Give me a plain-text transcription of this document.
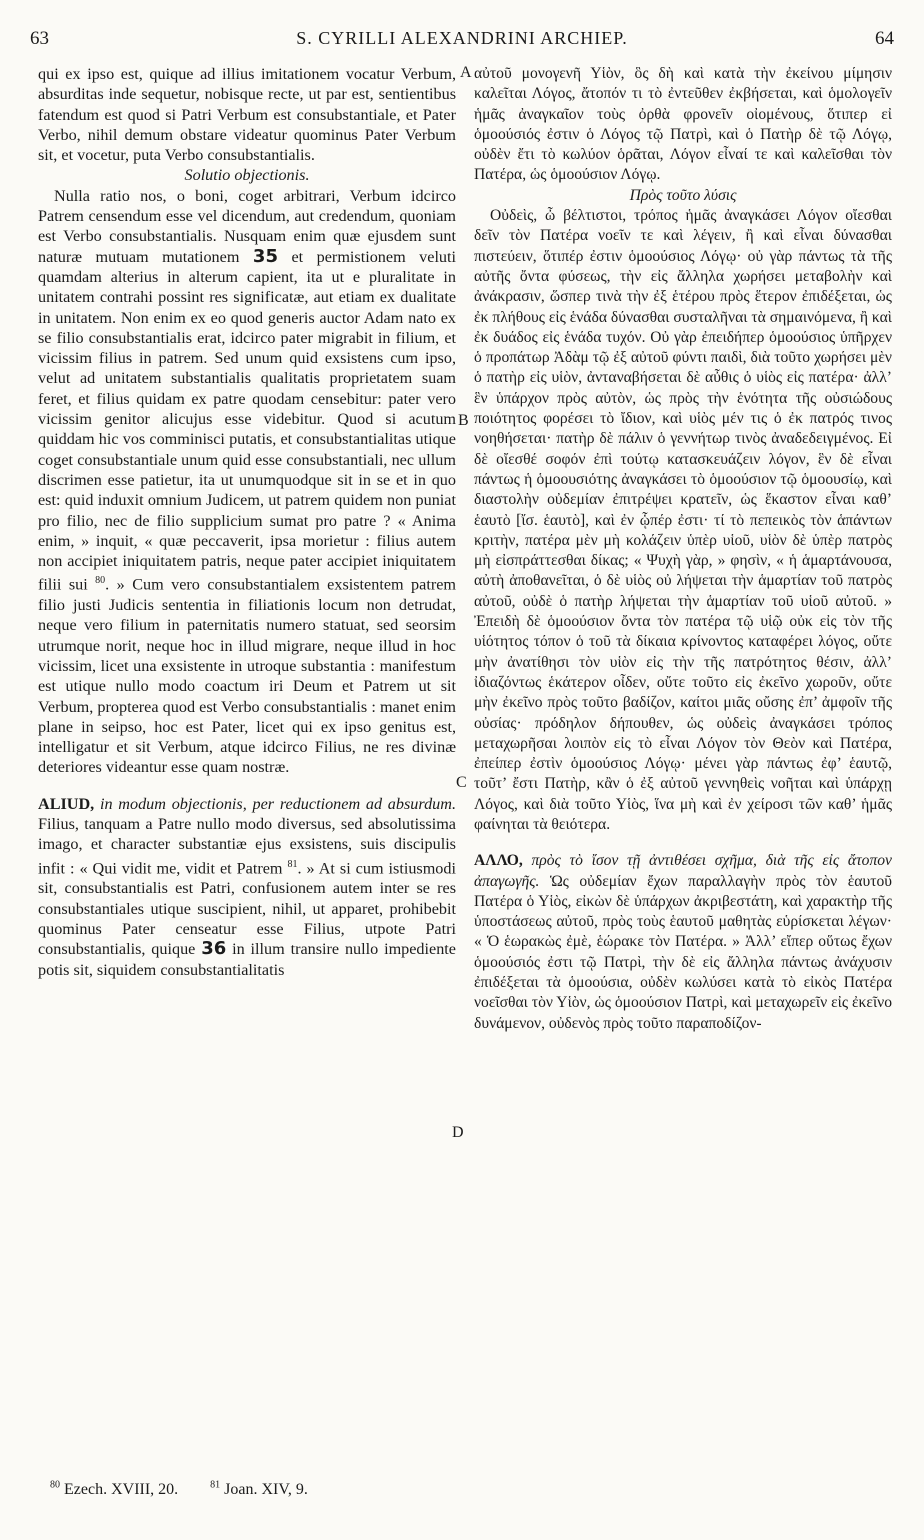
63	S. CYRILLI ALEXANDRINI ARCHIEP.	64

qui ex ipso est, quique ad illius imitationem vocatur Verbum, absurditas inde sequetur, nobisque recte, ut par est, sentientibus fatendum est quod si Patri Verbum est consubstantiale, et Pater Verbo, nihil demum obstare videatur quominus Pater Verbum sit, et vocetur, puta Verbo consubstantialis.

Solutio objectionis.

Nulla ratio nos, o boni, coget arbitrari, Verbum idcirco Patrem censendum esse vel dicendum, aut credendum, quoniam est Verbo consubstantialis. Nusquam enim quæ ejusdem sunt naturæ mutuam mutationem 35 et permistionem veluti quamdam alterius in alterum capient, ita ut e pluralitate in unitatem contrahi possint res significatæ, aut etiam ex dualitate in unitatem. Non enim ex eo quod generis auctor Adam nato ex se filio consubstantialis erat, idcirco pater migrabit in filium, et vicissim filius in patrem. Sed unum quid exsistens cum ipso, velut ad unitatem substantialis qualitatis proprietatem suam feret, et filius quidam ex patre quodam censebitur: pater vero vicissim genitor alicujus esse videbitur. Quod si acutum quiddam hic vos comminisci putatis, et consubstantialitas utique coget consubstantiale unum quid esse consubstantiali, nec ullum discrimen esse patietur, ita ut unumquodque sit in se et in quo est: quid induxit omnium Judicem, ut patrem quidem non puniat pro filio, nec de filio supplicium sumat pro patre ? « Anima enim, » inquit, « quæ peccaverit, ipsa morietur : filius autem non accipiet iniquitatem patris, neque pater accipiet iniquitatem filii sui $^{80}$. » Cum vero consubstantialem exsistentem patrem filio justi Judicis sententia in filiationis locum non detrudat, neque vero filium in paternitatis numero statuat, sed seorsim utrumque norit, neque hoc in illud migrare, neque illud in hoc vicissim, licet una exsistente in utroque substantia : manifestum est utique nullo modo coactum iri Deum et Patrem ut sit Verbum, propterea quod est Verbo consubstantialis : manet enim plane in seipso, hoc est Pater, licet qui ex ipso genitus est, intelligatur et sit Verbum, atque idcirco Filius, ne res divinæ deteriores videantur esse quam nostræ.

ALIUD, in modum objectionis, per reductionem ad absurdum. Filius, tanquam a Patre nullo modo diversus, sed absolutissima imago, et character substantiæ ejus exsistens, suis discipulis infit : « Qui vidit me, vidit et Patrem $^{81}$. » At si cum istiusmodi sit, consubstantialis est Patri, confusionem autem inter se res consubstantiales utique suscipient, nihil, ut apparet, prohibebit quominus Pater censeatur esse Filius, utpote Patri consubstantialis, quique 36 in illum transire nullo impediente potis sit, siquidem consubstantialitatis

αὐτοῦ μονογενῆ Υἱὸν, ὃς δὴ καὶ κατὰ τὴν ἐκείνου μίμησιν καλεῖται Λόγος, ἄτοπόν τι τὸ ἐντεῦθεν ἐκβήσεται, καὶ ὁμολογεῖν ἡμᾶς ἀναγκαῖον τοὺς ὀρθὰ φρονεῖν οἰομένους, ὅτιπερ εἰ ὁμοούσιός ἐστιν ὁ Λόγος τῷ Πατρὶ, καὶ ὁ Πατὴρ δὲ τῷ Λόγῳ, οὐδὲν ἔτι τὸ κωλύον ὁρᾶται, Λόγον εἶναί τε καὶ καλεῖσθαι τὸν Πατέρα, ὡς ὁμοούσιον Λόγῳ.

Πρὸς τοῦτο λύσις

Οὐδεὶς, ὦ βέλτιστοι, τρόπος ἡμᾶς ἀναγκάσει Λόγον οἴεσθαι δεῖν τὸν Πατέρα νοεῖν τε καὶ λέγειν, ἢ καὶ εἶναι δύνασθαι πιστεύειν, ὅτιπέρ ἐστιν ὁμοούσιος Λόγῳ· οὐ γὰρ πάντως τὰ τῆς αὐτῆς ὄντα φύσεως, τὴν εἰς ἄλληλα χωρήσει μεταβολὴν καὶ ἀνάκρασιν, ὥσπερ τινὰ τὴν ἐξ ἑτέρου πρὸς ἕτερον ἐπιδέξεται, ὡς ἐκ πλήθους εἰς ἑνάδα δύνασθαι συσταλῆναι τὰ σημαινόμενα, ἢ καὶ ἐκ δυάδος εἰς ἑνάδα τυχόν. Οὐ γὰρ ἐπειδήπερ ὁμοούσιος ὑπῆρχεν ὁ προπάτωρ Ἀδὰμ τῷ ἐξ αὐτοῦ φύντι παιδὶ, διὰ τοῦτο χωρήσει μὲν ὁ πατὴρ εἰς υἱὸν, ἀνταναβήσεται δὲ αὖθις ὁ υἱὸς εἰς πατέρα· ἀλλ’ ἓν ὑπάρχον πρὸς αὐτὸν, ὡς πρὸς τὴν ἑνότητα τῆς οὐσιώδους ποιότητος φορέσει τὸ ἴδιον, καὶ υἱὸς μέν τις ὁ ἐκ πατρός τινος νοηθήσεται· πατὴρ δὲ πάλιν ὁ γεννήτωρ τινὸς ἀναδεδειγμένος. Εἰ δὲ οἴεσθέ σοφόν ἐπὶ τούτῳ κατασκευάζειν λόγον, ἓν δὲ εἶναι πάντως ἡ ὁμοουσιότης ἀναγκάσει τὸ ὁμοούσιον τῷ ὁμοουσίῳ, καὶ διαστολὴν οὐδεμίαν ἐπιτρέψει κρατεῖν, ὡς ἕκαστον εἶναι καθ’ ἑαυτὸ [ἴσ. ἑαυτὸ], καὶ ἐν ᾧπέρ ἐστι· τί τὸ πεπεικὸς τὸν ἁπάντων κριτὴν, πατέρα μὲν μὴ κολάζειν ὑπὲρ υἱοῦ, υἱὸν δὲ ὑπὲρ πατρὸς μὴ εἰσπράττεσθαι δίκας; « Ψυχὴ γὰρ, » φησὶν, « ἡ ἁμαρτάνουσα, αὐτὴ ἀποθανεῖται, ὁ δὲ υἱὸς οὐ λήψεται τὴν ἁμαρτίαν τοῦ πατρὸς αὐτοῦ, οὐδὲ ὁ πατὴρ λήψεται τὴν ἁμαρτίαν τοῦ υἱοῦ αὐτοῦ. » Ἐπειδὴ δὲ ὁμοούσιον ὄντα τὸν πατέρα τῷ υἱῷ οὐκ εἰς τὸν τῆς υἱότητος τόπον ὁ τοῦ τὰ δίκαια κρίνοντος καταφέρει λόγος, οὔτε μὴν ἀνατίθησι τὸν υἱὸν εἰς τὴν τῆς πατρότητος θέσιν, ἀλλ’ ἰδιαζόντως ἑκάτερον οἶδεν, οὔτε τοῦτο εἰς ἐκεῖνο χωροῦν, οὔτε μὴν ἐκεῖνο πρὸς τοῦτο βαδίζον, καίτοι μιᾶς οὔσης ἐπ’ ἀμφοῖν τῆς οὐσίας· πρόδηλον δήπουθεν, ὡς οὐδεὶς ἀναγκάσει τρόπος μεταχωρῆσαι λοιπὸν εἰς τὸ εἶναι Λόγον τὸν Θεὸν καὶ Πατέρα, ἐπείπερ ἐστὶν ὁμοούσιος Λόγῳ· μένει γὰρ πάντως ἐφ’ ἑαυτῷ, τοῦτ’ ἔστι Πατὴρ, κἂν ὁ ἐξ αὐτοῦ γεννηθεὶς νοῆται καὶ ὑπάρχῃ Λόγος, καὶ διὰ τοῦτο Υἱὸς, ἵνα μὴ καὶ ἐν χείροσι τῶν καθ’ ἡμᾶς φαίνηται τὰ θειότερα.

ΑΛΛΟ, πρὸς τὸ ἴσον τῇ ἀντιθέσει σχῆμα, διὰ τῆς εἰς ἄτοπον ἀπαγωγῆς. Ὡς οὐδεμίαν ἔχων παραλλαγὴν πρὸς τὸν ἑαυτοῦ Πατέρα ὁ Υἱὸς, εἰκὼν δὲ ὑπάρχων ἀκριβεστάτη, καὶ χαρακτὴρ τῆς ὑποστάσεως αὐτοῦ, πρὸς τοὺς ἑαυτοῦ μαθητὰς εὑρίσκεται λέγων· « Ὁ ἑωρακὼς ἐμὲ, ἑώρακε τὸν Πατέρα. » Ἀλλ’ εἴπερ οὕτως ἔχων ὁμοούσιός ἐστι τῷ Πατρὶ, τὴν δὲ εἰς ἄλληλα πάντως ἀνάχυσιν ἐπιδέξεται τὰ ὁμοούσια, οὐδὲν κωλύσει κατὰ τὸ εἰκὸς Πατέρα νοεῖσθαι τὸν Υἱὸν, ὡς ὁμοούσιον Πατρὶ, καὶ μεταχωρεῖν εἰς ἐκεῖνο δυνάμενον, οὐδενὸς πρὸς τοῦτο παραποδίζον-

A
B
C
D
$^{80}$ Ezech. XVIII, 20.	$^{81}$ Joan. XIV, 9.
